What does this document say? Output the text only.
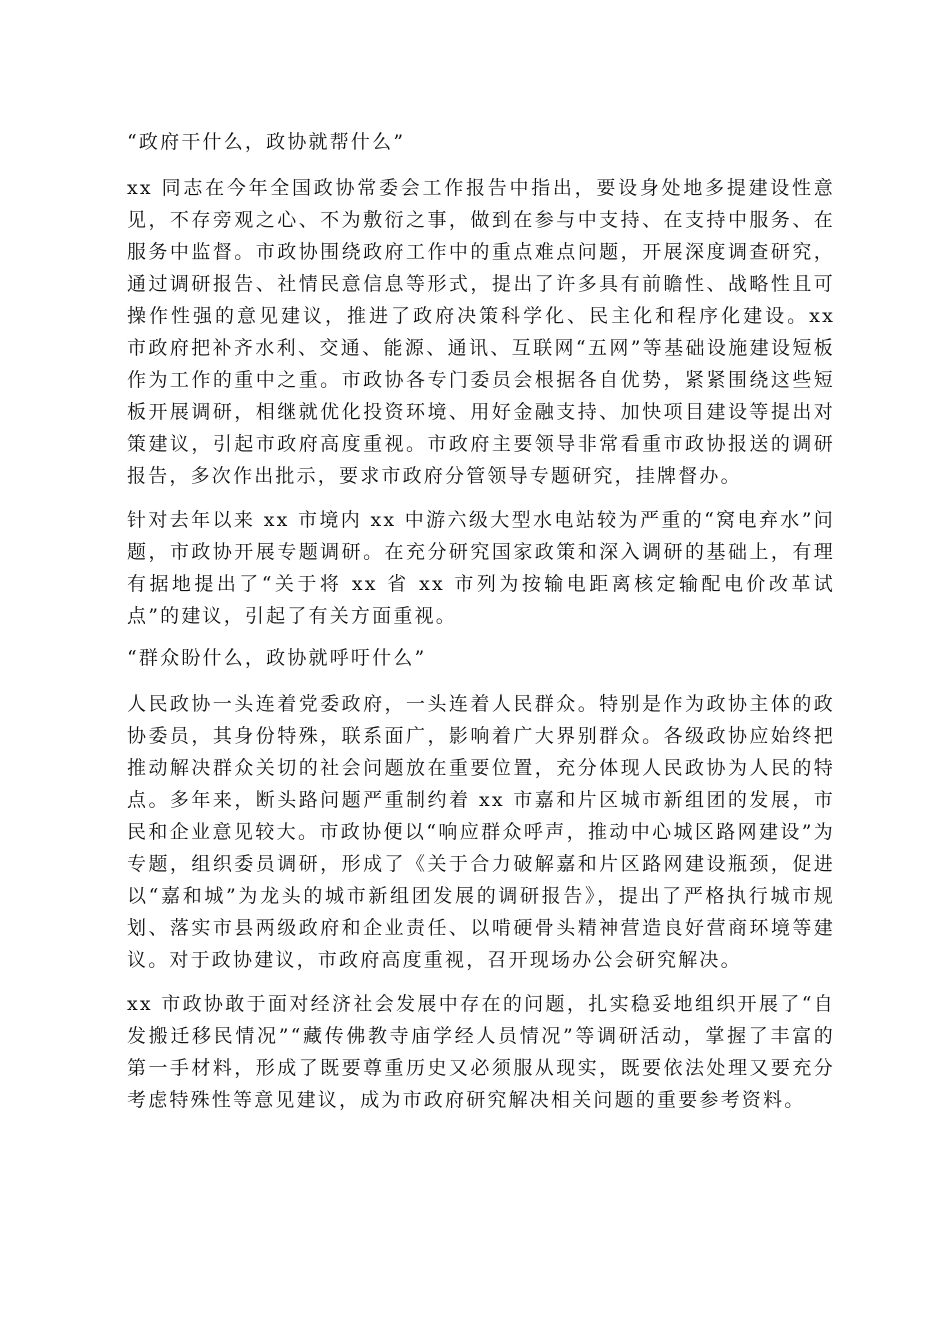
“政府干什么，政协就帮什么”

xx 同志在今年全国政协常委会工作报告中指出，要设身处地多提建设性意见，不存旁观之心、不为敷衍之事，做到在参与中支持、在支持中服务、在服务中监督。市政协围绕政府工作中的重点难点问题，开展深度调查研究，通过调研报告、社情民意信息等形式，提出了许多具有前瞻性、战略性且可操作性强的意见建议，推进了政府决策科学化、民主化和程序化建设。xx 市政府把补齐水利、交通、能源、通讯、互联网“五网”等基础设施建设短板作为工作的重中之重。市政协各专门委员会根据各自优势，紧紧围绕这些短板开展调研，相继就优化投资环境、用好金融支持、加快项目建设等提出对策建议，引起市政府高度重视。市政府主要领导非常看重市政协报送的调研报告，多次作出批示，要求市政府分管领导专题研究，挂牌督办。

针对去年以来 xx 市境内 xx 中游六级大型水电站较为严重的“窝电弃水”问题，市政协开展专题调研。在充分研究国家政策和深入调研的基础上，有理有据地提出了“关于将 xx 省 xx 市列为按输电距离核定输配电价改革试点”的建议，引起了有关方面重视。

“群众盼什么，政协就呼吁什么”

人民政协一头连着党委政府，一头连着人民群众。特别是作为政协主体的政协委员，其身份特殊，联系面广，影响着广大界别群众。各级政协应始终把推动解决群众关切的社会问题放在重要位置，充分体现人民政协为人民的特点。多年来，断头路问题严重制约着 xx 市嘉和片区城市新组团的发展，市民和企业意见较大。市政协便以“响应群众呼声，推动中心城区路网建设”为专题，组织委员调研，形成了《关于合力破解嘉和片区路网建设瓶颈，促进以“嘉和城”为龙头的城市新组团发展的调研报告》，提出了严格执行城市规划、落实市县两级政府和企业责任、以啃硬骨头精神营造良好营商环境等建议。对于政协建议，市政府高度重视，召开现场办公会研究解决。

xx 市政协敢于面对经济社会发展中存在的问题，扎实稳妥地组织开展了“自发搬迁移民情况”“藏传佛教寺庙学经人员情况”等调研活动，掌握了丰富的第一手材料，形成了既要尊重历史又必须服从现实，既要依法处理又要充分考虑特殊性等意见建议，成为市政府研究解决相关问题的重要参考资料。
